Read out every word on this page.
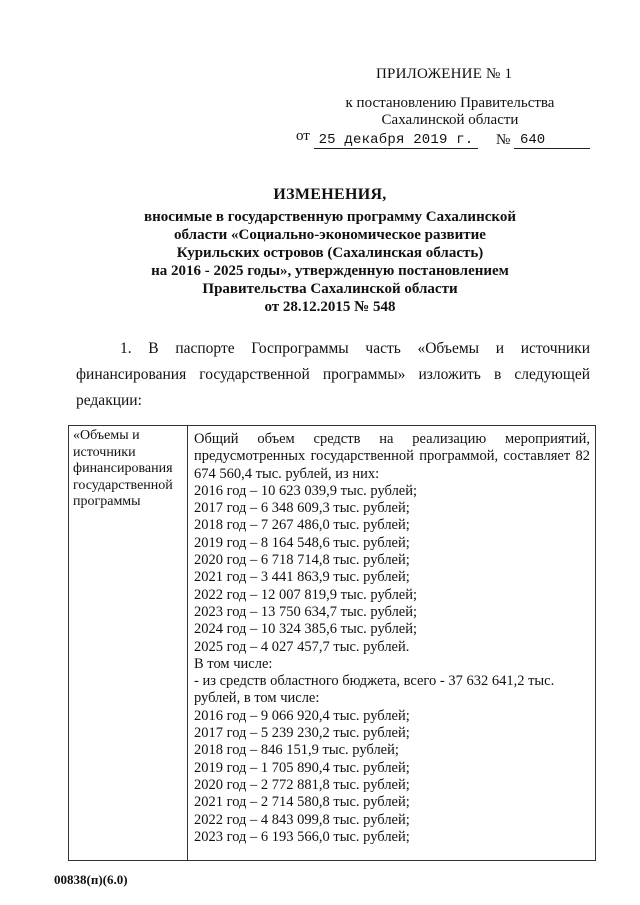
ПРИЛОЖЕНИЕ № 1
к постановлению Правительства
Сахалинской области
от 25 декабря 2019 г.	№ 640
ИЗМЕНЕНИЯ,
вносимые в государственную программу Сахалинской
области «Социально-экономическое развитие
Курильских островов (Сахалинская область)
на 2016 - 2025 годы», утвержденную постановлением
Правительства Сахалинской области
от 28.12.2015 № 548
1. В паспорте Госпрограммы часть «Объемы и источники финансирования государственной программы» изложить в следующей редакции:
«Объемы и источники финансирования государственной программы
Общий объем средств на реализацию мероприятий, предусмотренных государственной программой, составляет 82 674 560,4 тыс. рублей, из них:
2016 год – 10 623 039,9 тыс. рублей;
2017 год – 6 348 609,3 тыс. рублей;
2018 год – 7 267 486,0 тыс. рублей;
2019 год – 8 164 548,6 тыс. рублей;
2020 год – 6 718 714,8 тыс. рублей;
2021 год – 3 441 863,9 тыс. рублей;
2022 год – 12 007 819,9 тыс. рублей;
2023 год – 13 750 634,7 тыс. рублей;
2024 год – 10 324 385,6 тыс. рублей;
2025 год – 4 027 457,7 тыс. рублей.
В том числе:
- из средств областного бюджета, всего - 37 632 641,2 тыс. рублей, в том числе:
2016 год – 9 066 920,4 тыс. рублей;
2017 год – 5 239 230,2 тыс. рублей;
2018 год – 846 151,9 тыс. рублей;
2019 год – 1 705 890,4 тыс. рублей;
2020 год – 2 772 881,8 тыс. рублей;
2021 год – 2 714 580,8 тыс. рублей;
2022 год – 4 843 099,8 тыс. рублей;
2023 год – 6 193 566,0 тыс. рублей;
00838(п)(6.0)
